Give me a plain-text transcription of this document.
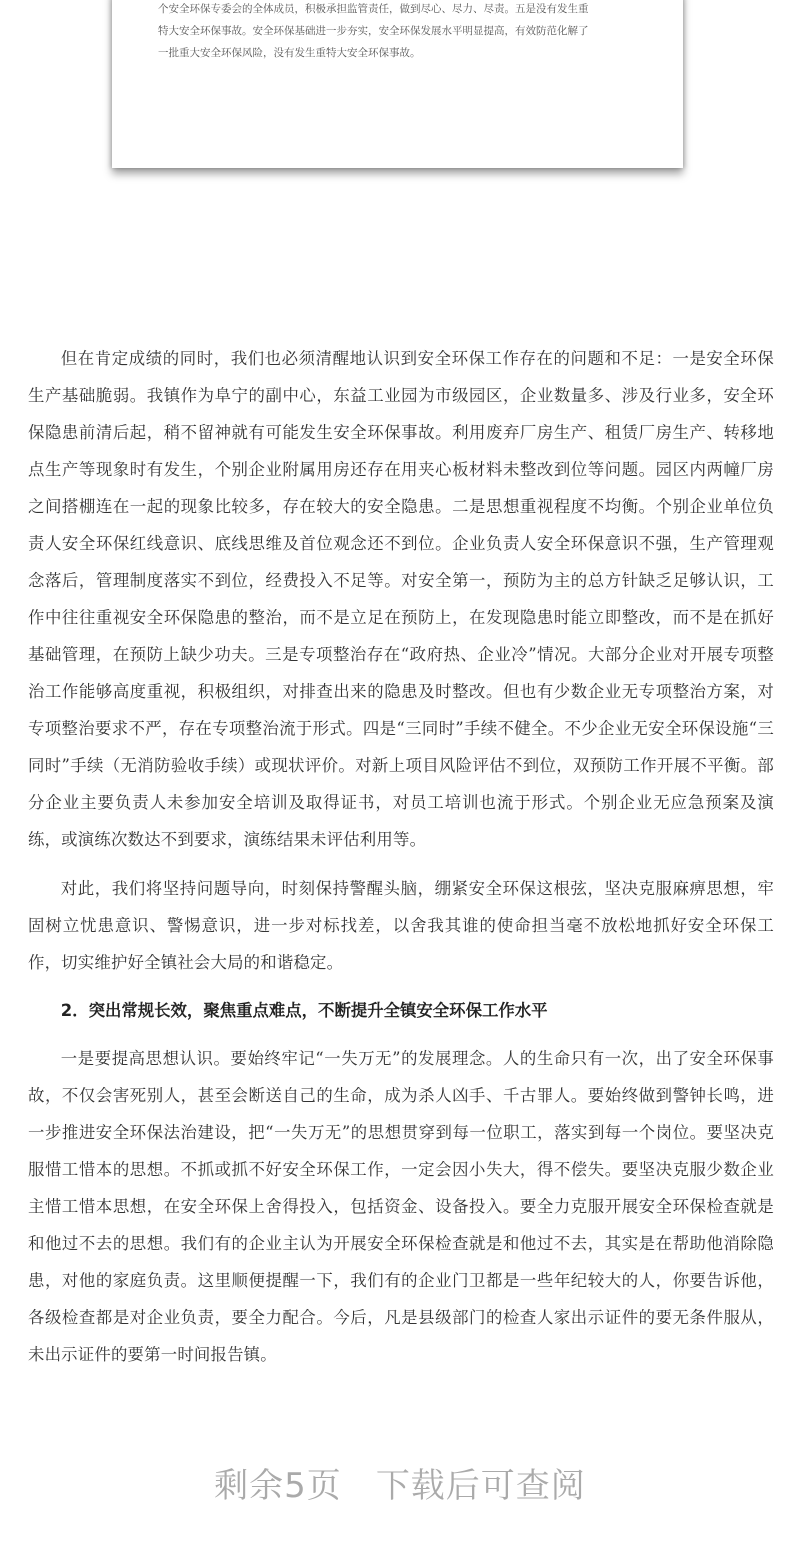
个安全环保专委会的全体成员，积极承担监管责任，做到尽心、尽力、尽责。五是没有发生重
特大安全环保事故。安全环保基础进一步夯实，安全环保发展水平明显提高，有效防范化解了
一批重大安全环保风险，没有发生重特大安全环保事故。

但在肯定成绩的同时，我们也必须清醒地认识到安全环保工作存在的问题和不足：一是安全环保生产基础脆弱。我镇作为阜宁的副中心，东益工业园为市级园区，企业数量多、涉及行业多，安全环保隐患前清后起，稍不留神就有可能发生安全环保事故。利用废弃厂房生产、租赁厂房生产、转移地点生产等现象时有发生，个别企业附属用房还存在用夹心板材料未整改到位等问题。园区内两幢厂房之间搭棚连在一起的现象比较多，存在较大的安全隐患。二是思想重视程度不均衡。个别企业单位负责人安全环保红线意识、底线思维及首位观念还不到位。企业负责人安全环保意识不强，生产管理观念落后，管理制度落实不到位，经费投入不足等。对安全第一，预防为主的总方针缺乏足够认识，工作中往往重视安全环保隐患的整治，而不是立足在预防上，在发现隐患时能立即整改，而不是在抓好基础管理，在预防上缺少功夫。三是专项整治存在“政府热、企业冷”情况。大部分企业对开展专项整治工作能够高度重视，积极组织，对排查出来的隐患及时整改。但也有少数企业无专项整治方案，对专项整治要求不严，存在专项整治流于形式。四是“三同时”手续不健全。不少企业无安全环保设施“三同时”手续（无消防验收手续）或现状评价。对新上项目风险评估不到位，双预防工作开展不平衡。部分企业主要负责人未参加安全培训及取得证书，对员工培训也流于形式。个别企业无应急预案及演练，或演练次数达不到要求，演练结果未评估利用等。

对此，我们将坚持问题导向，时刻保持警醒头脑，绷紧安全环保这根弦，坚决克服麻痹思想，牢固树立忧患意识、警惕意识，进一步对标找差，以舍我其谁的使命担当毫不放松地抓好安全环保工作，切实维护好全镇社会大局的和谐稳定。

2．突出常规长效，聚焦重点难点，不断提升全镇安全环保工作水平

一是要提高思想认识。要始终牢记“一失万无”的发展理念。人的生命只有一次，出了安全环保事故，不仅会害死别人，甚至会断送自己的生命，成为杀人凶手、千古罪人。要始终做到警钟长鸣，进一步推进安全环保法治建设，把“一失万无”的思想贯穿到每一位职工，落实到每一个岗位。要坚决克服惜工惜本的思想。不抓或抓不好安全环保工作，一定会因小失大，得不偿失。要坚决克服少数企业主惜工惜本思想，在安全环保上舍得投入，包括资金、设备投入。要全力克服开展安全环保检查就是和他过不去的思想。我们有的企业主认为开展安全环保检查就是和他过不去，其实是在帮助他消除隐患，对他的家庭负责。这里顺便提醒一下，我们有的企业门卫都是一些年纪较大的人，你要告诉他，各级检查都是对企业负责，要全力配合。今后，凡是县级部门的检查人家出示证件的要无条件服从，未出示证件的要第一时间报告镇。

剩余5页 下载后可查阅
